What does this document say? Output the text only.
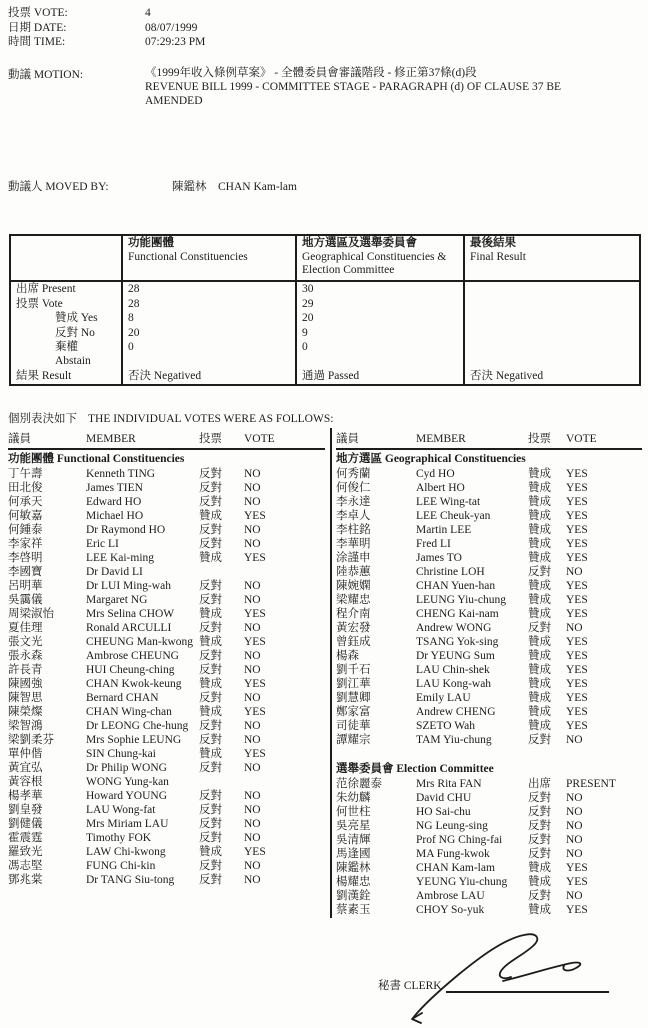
投票 VOTE:	4
日期 DATE:	08/07/1999
時間 TIME:	07:29:23 PM
動議 MOTION:	《1999年收入條例草案》 - 全體委員會審議階段 - 修正第37條(d)段
REVENUE BILL 1999 - COMMITTEE STAGE - PARAGRAPH (d) OF CLAUSE 37 BE
AMENDED
動議人 MOVED BY:	陳鑑林　CHAN Kam-lam

功能團體
Functional Constituencies

地方選區及選舉委員會
Geographical Constituencies & Election Committee

最後結果
Final Result

出席 Present	28	30	
投票 Vote	28	29	
贊成 Yes	8	20	
反對 No	20	9	
棄權 Abstain	0	0	
結果 Result	否決 Negatived	通過 Passed	否決 Negatived
個別表決如下 THE INDIVIDUAL VOTES WERE AS FOLLOWS:
議員	MEMBER	投票	VOTE
功能團體 Functional Constituencies
丁午壽	Kenneth TING	反對	NO
田北俊	James TIEN	反對	NO
何承天	Edward HO	反對	NO
何敏嘉	Michael HO	贊成	YES
何鍾泰	Dr Raymond HO	反對	NO
李家祥	Eric LI	反對	NO
李啓明	LEE Kai-ming	贊成	YES
李國寶	Dr David LI
呂明華	Dr LUI Ming-wah	反對	NO
吳靄儀	Margaret NG	反對	NO
周梁淑怡	Mrs Selina CHOW	贊成	YES
夏佳理	Ronald ARCULLI	反對	NO
張文光	CHEUNG Man-kwong 贊成	YES
張永森	Ambrose CHEUNG	反對	NO
許長青	HUI Cheung-ching	反對	NO
陳國強	CHAN Kwok-keung	贊成	YES
陳智思	Bernard CHAN	反對	NO
陳榮燦	CHAN Wing-chan	贊成	YES
梁智鴻	Dr LEONG Che-hung 反對	NO
梁劉柔芬	Mrs Sophie LEUNG	反對	NO
單仲偕	SIN Chung-kai	贊成	YES
黃宜弘	Dr Philip WONG	反對	NO
黃容根	WONG Yung-kan
楊孝華	Howard YOUNG	反對	NO
劉皇發	LAU Wong-fat	反對	NO
劉健儀	Mrs Miriam LAU	反對	NO
霍震霆	Timothy FOK	反對	NO
羅致光	LAW Chi-kwong	贊成	YES
馮志堅	FUNG Chi-kin	反對	NO
鄧兆棠	Dr TANG Siu-tong	反對	NO
議員	MEMBER	投票	VOTE
地方選區 Geographical Constituencies
何秀蘭	Cyd HO	贊成	YES
何俊仁	Albert HO	贊成	YES
李永達	LEE Wing-tat	贊成	YES
李卓人	LEE Cheuk-yan	贊成	YES
李柱銘	Martin LEE	贊成	YES
李華明	Fred LI	贊成	YES
涂謹申	James TO	贊成	YES
陸恭蕙	Christine LOH	反對	NO
陳婉嫻	CHAN Yuen-han	贊成	YES
梁耀忠	LEUNG Yiu-chung	贊成	YES
程介南	CHENG Kai-nam	贊成	YES
黃宏發	Andrew WONG	反對	NO
曾鈺成	TSANG Yok-sing	贊成	YES
楊森	Dr YEUNG Sum	贊成	YES
劉千石	LAU Chin-shek	贊成	YES
劉江華	LAU Kong-wah	贊成	YES
劉慧卿	Emily LAU	贊成	YES
鄭家富	Andrew CHENG	贊成	YES
司徒華	SZETO Wah	贊成	YES
譚耀宗	TAM Yiu-chung	反對	NO
選舉委員會 Election Committee
范徐麗泰	Mrs Rita FAN	出席	PRESENT
朱幼麟	David CHU	反對	NO
何世柱	HO Sai-chu	反對	NO
吳亮星	NG Leung-sing	反對	NO
吳清輝	Prof NG Ching-fai	反對	NO
馬逢國	MA Fung-kwok	反對	NO
陳鑑林	CHAN Kam-lam	贊成	YES
楊耀忠	YEUNG Yiu-chung	贊成	YES
劉漢銓	Ambrose LAU	反對	NO
蔡素玉	CHOY So-yuk	贊成	YES
秘書 CLERK
